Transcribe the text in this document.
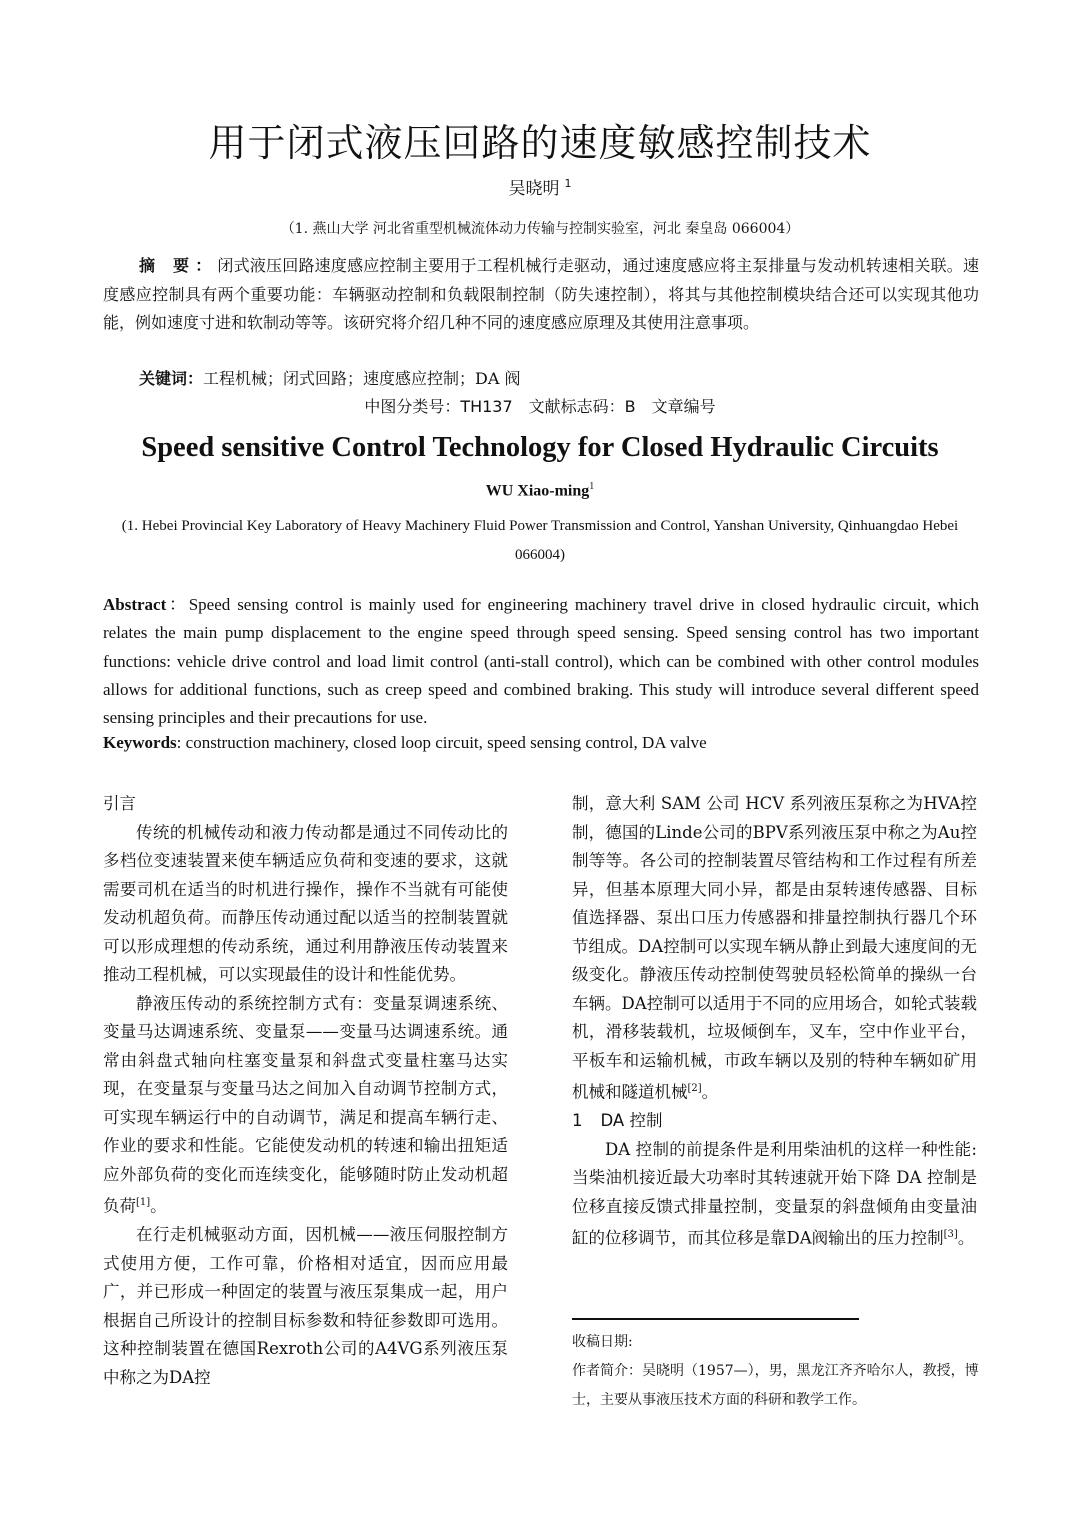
用于闭式液压回路的速度敏感控制技术
吴晓明 $^1$
（1. 燕山大学 河北省重型机械流体动力传输与控制实验室，河北 秦皇岛 066004）
摘 要：闭式液压回路速度感应控制主要用于工程机械行走驱动，通过速度感应将主泵排量与发动机转速相关联。速度感应控制具有两个重要功能：车辆驱动控制和负载限制控制（防失速控制），将其与其他控制模块结合还可以实现其他功能，例如速度寸进和软制动等等。该研究将介绍几种不同的速度感应原理及其使用注意事项。
关键词：工程机械；闭式回路；速度感应控制；DA 阀
中图分类号：TH137 文献标志码：B 文章编号
Speed sensitive Control Technology for Closed Hydraulic Circuits
WU Xiao-ming$^1$
(1. Hebei Provincial Key Laboratory of Heavy Machinery Fluid Power Transmission and Control, Yanshan University, Qinhuangdao Hebei 066004)
Abstract：Speed sensing control is mainly used for engineering machinery travel drive in closed hydraulic circuit, which relates the main pump displacement to the engine speed through speed sensing. Speed sensing control has two important functions: vehicle drive control and load limit control (anti-stall control), which can be combined with other control modules allows for additional functions, such as creep speed and combined braking. This study will introduce several different speed sensing principles and their precautions for use.
Keywords: construction machinery, closed loop circuit, speed sensing control, DA valve

引言

传统的机械传动和液力传动都是通过不同传动比的多档位变速装置来使车辆适应负荷和变速的要求，这就需要司机在适当的时机进行操作，操作不当就有可能使发动机超负荷。而静压传动通过配以适当的控制装置就可以形成理想的传动系统，通过利用静液压传动装置来推动工程机械，可以实现最佳的设计和性能优势。

静液压传动的系统控制方式有：变量泵调速系统、变量马达调速系统、变量泵——变量马达调速系统。通常由斜盘式轴向柱塞变量泵和斜盘式变量柱塞马达实现，在变量泵与变量马达之间加入自动调节控制方式，可实现车辆运行中的自动调节，满足和提高车辆行走、作业的要求和性能。它能使发动机的转速和输出扭矩适应外部负荷的变化而连续变化，能够随时防止发动机超负荷[1]。

在行走机械驱动方面，因机械——液压伺服控制方式使用方便，工作可靠，价格相对适宜，因而应用最广，并已形成一种固定的装置与液压泵集成一起，用户根据自己所设计的控制目标参数和特征参数即可选用。这种控制装置在德国Rexroth公司的A4VG系列液压泵中称之为DA控

制，意大利 SAM 公司 HCV 系列液压泵称之为HVA控制，德国的Linde公司的BPV系列液压泵中称之为Au控制等等。各公司的控制装置尽管结构和工作过程有所差异，但基本原理大同小异，都是由泵转速传感器、目标值选择器、泵出口压力传感器和排量控制执行器几个环节组成。DA控制可以实现车辆从静止到最大速度间的无级变化。静液压传动控制使驾驶员轻松简单的操纵一台车辆。DA控制可以适用于不同的应用场合，如轮式装载机，滑移装载机，垃圾倾倒车，叉车，空中作业平台，平板车和运输机械，市政车辆以及别的特种车辆如矿用机械和隧道机械[2]。

1 DA 控制

DA 控制的前提条件是利用柴油机的这样一种性能:当柴油机接近最大功率时其转速就开始下降 DA 控制是位移直接反馈式排量控制，变量泵的斜盘倾角由变量油缸的位移调节，而其位移是靠DA阀输出的压力控制[3]。

收稿日期:

作者简介：吴晓明（1957—），男，黑龙江齐齐哈尔人，教授，博士，主要从事液压技术方面的科研和教学工作。
